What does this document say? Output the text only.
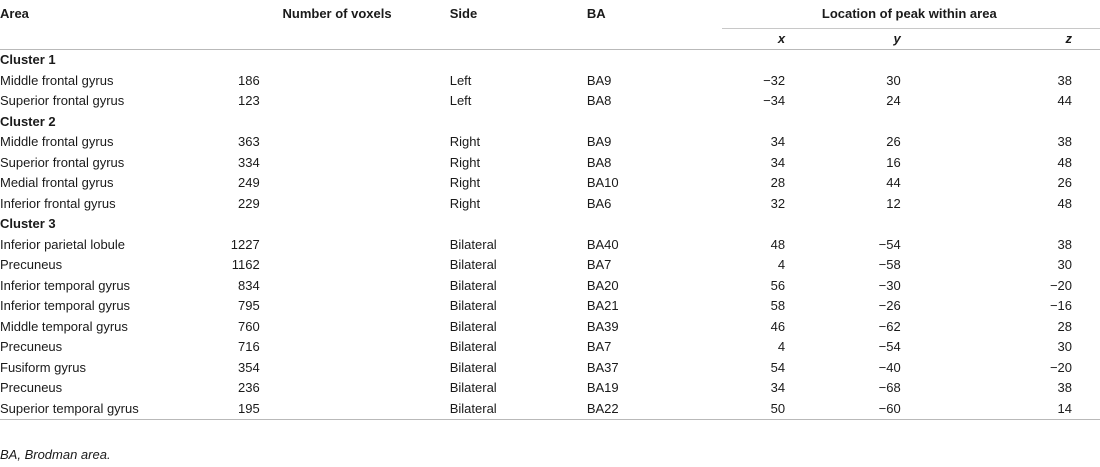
Area	Number of voxels	Side	BA	Location of peak within area		
				x	y	z
Cluster 1						
Middle frontal gyrus	186	Left	BA9	−32	30	38
Superior frontal gyrus	123	Left	BA8	−34	24	44
Cluster 2						
Middle frontal gyrus	363	Right	BA9	34	26	38
Superior frontal gyrus	334	Right	BA8	34	16	48
Medial frontal gyrus	249	Right	BA10	28	44	26
Inferior frontal gyrus	229	Right	BA6	32	12	48
Cluster 3						
Inferior parietal lobule	1227	Bilateral	BA40	48	−54	38
Precuneus	1162	Bilateral	BA7	4	−58	30
Inferior temporal gyrus	834	Bilateral	BA20	56	−30	−20
Inferior temporal gyrus	795	Bilateral	BA21	58	−26	−16
Middle temporal gyrus	760	Bilateral	BA39	46	−62	28
Precuneus	716	Bilateral	BA7	4	−54	30
Fusiform gyrus	354	Bilateral	BA37	54	−40	−20
Precuneus	236	Bilateral	BA19	34	−68	38
Superior temporal gyrus	195	Bilateral	BA22	50	−60	14
BA, Brodman area.
